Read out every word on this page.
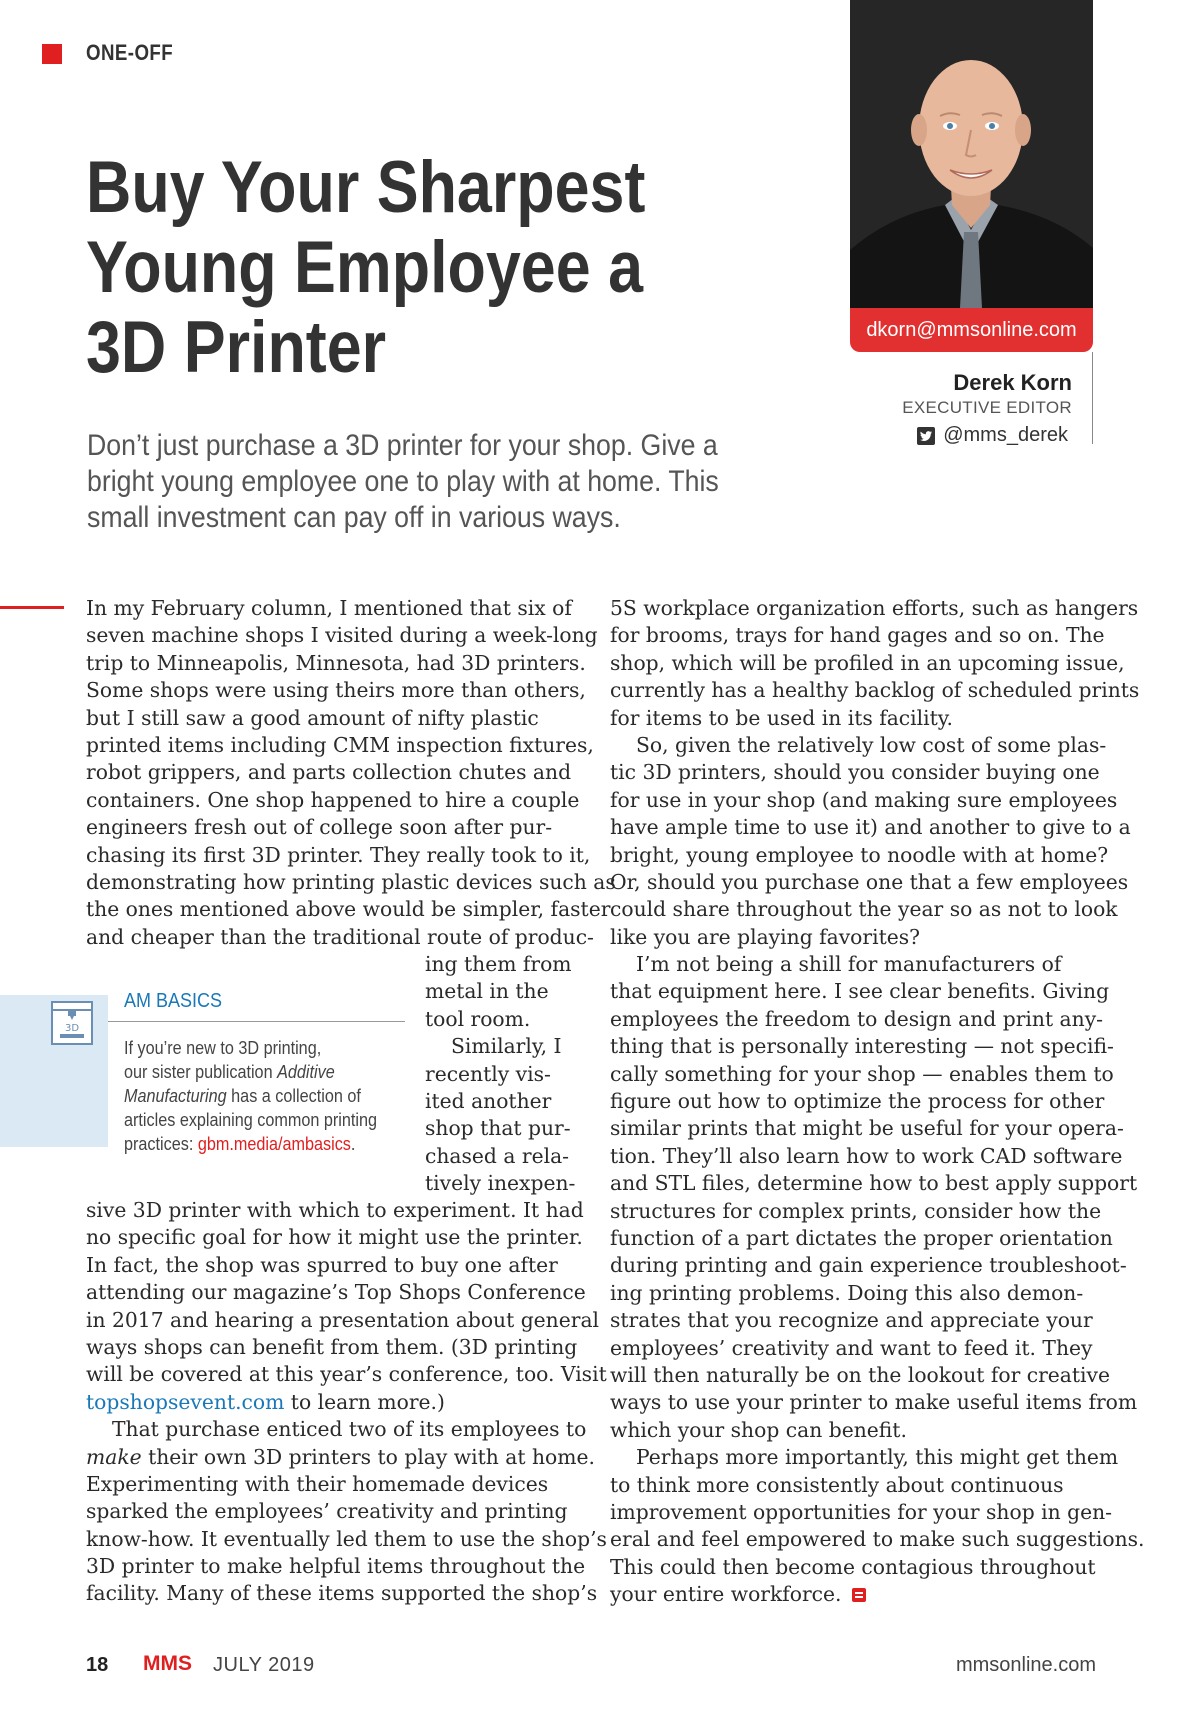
ONE-OFF
Buy Your Sharpest
Young Employee a
3D Printer
Don’t just purchase a 3D printer for your shop. Give a
bright young employee one to play with at home. This
small investment can pay off in various ways.
dkorn@mmsonline.com
Derek Korn
EXECUTIVE EDITOR
@mms_derek
In my February column, I mentioned that six of
seven machine shops I visited during a week-long
trip to Minneapolis, Minnesota, had 3D printers.
Some shops were using theirs more than others,
but I still saw a good amount of nifty plastic
printed items including CMM inspection fixtures,
robot grippers, and parts collection chutes and
containers. One shop happened to hire a couple
engineers fresh out of college soon after pur-
chasing its first 3D printer. They really took to it,
demonstrating how printing plastic devices such as
the ones mentioned above would be simpler, faster
and cheaper than the traditional route of produc-
ing them from
metal in the
tool room.
Similarly, I
recently vis-
ited another
shop that pur-
chased a rela-
tively inexpen-
3D
AM BASICS
If you’re new to 3D printing,
our sister publication Additive
Manufacturing has a collection of
articles explaining common printing
practices: gbm.media/ambasics.
sive 3D printer with which to experiment. It had
no specific goal for how it might use the printer.
In fact, the shop was spurred to buy one after
attending our magazine’s Top Shops Conference
in 2017 and hearing a presentation about general
ways shops can benefit from them. (3D printing
will be covered at this year’s conference, too. Visit
topshopsevent.com to learn more.)
That purchase enticed two of its employees to
make their own 3D printers to play with at home.
Experimenting with their homemade devices
sparked the employees’ creativity and printing
know-how. It eventually led them to use the shop’s
3D printer to make helpful items throughout the
facility. Many of these items supported the shop’s
5S workplace organization efforts, such as hangers
for brooms, trays for hand gages and so on. The
shop, which will be profiled in an upcoming issue,
currently has a healthy backlog of scheduled prints
for items to be used in its facility.
So, given the relatively low cost of some plas-
tic 3D printers, should you consider buying one
for use in your shop (and making sure employees
have ample time to use it) and another to give to a
bright, young employee to noodle with at home?
Or, should you purchase one that a few employees
could share throughout the year so as not to look
like you are playing favorites?
I’m not being a shill for manufacturers of
that equipment here. I see clear benefits. Giving
employees the freedom to design and print any-
thing that is personally interesting — not specifi-
cally something for your shop — enables them to
figure out how to optimize the process for other
similar prints that might be useful for your opera-
tion. They’ll also learn how to work CAD software
and STL files, determine how to best apply support
structures for complex prints, consider how the
function of a part dictates the proper orientation
during printing and gain experience troubleshoot-
ing printing problems. Doing this also demon-
strates that you recognize and appreciate your
employees’ creativity and want to feed it. They
will then naturally be on the lookout for creative
ways to use your printer to make useful items from
which your shop can benefit.
Perhaps more importantly, this might get them
to think more consistently about continuous
improvement opportunities for your shop in gen-
eral and feel empowered to make such suggestions.
This could then become contagious throughout
your entire workforce.
18 MMS JULY 2019	mmsonline.com
